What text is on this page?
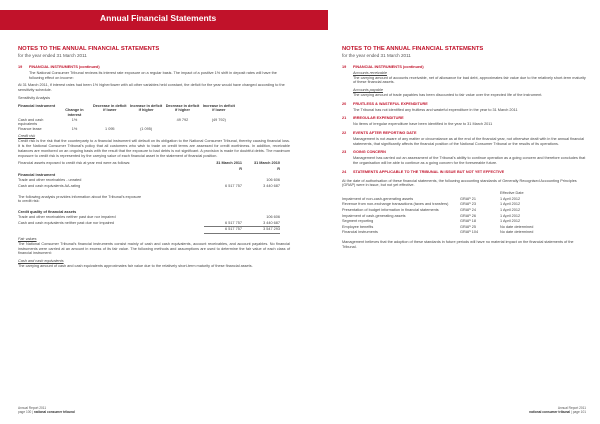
Annual Financial Statements
NOTES TO THE ANNUAL FINANCIAL STATEMENTS
for the year ended 31 March 2011
19	FINANCIAL INSTRUMENTS (continued)

The National Consumer Tribunal reviews its interest rate exposure on a regular basis. The impact of a positive 1% shift in deposit rates will have the following effect on income:

At 31 March 2011, if interest rates had been 1% higher/lower with all other variables held constant, the deficit for the year would have changed according to the sensitivity schedule.

Sensitivity Analysis

Financial instrument	Change in interest	Decrease in deficit if lower	Increase in deficit if higher	Decrease in deficit if higher	Increase in deficit if lower
Cash and cash equivalents	1%			49 792	(49 792)
Finance lease	1%	1 095	(1 095)		
Credit risk

Credit risk is the risk that the counterparty to a financial instrument will default on its obligation to the National Consumer Tribunal, thereby causing financial loss. It is the National Consumer Tribunal's policy that all customers who wish to trade on credit terms are assessed for credit worthiness. In addition, receivable balances are monitored on an ongoing basis with the result that the exposure to bad debts is not significant. A provision is made for doubtful debts. The maximum exposure to credit risk is represented by the carrying value of each financial asset in the statement of financial position.

Financial assets exposed to credit risk at year end were as follows:	31 March 2011	31 March 2010
	R	R
Financial instrument		
Trade and other receivables - unrated		106 606
Cash and cash equivalents AA-rating	6 517 757	3 440 687

The following analysis provides information about the Tribunal's exposure to credit risk:		

Credit quality of financial assets		
Trade and other receivables neither past due nor impaired		106 606
Cash and cash equivalents neither past due nor impaired	6 517 757	3 440 687
	6 517 757	3 547 293
Fair values

The National Consumer Tribunal's financial instruments consist mainly of cash and cash equivalents, account receivables, and account payables. No financial instruments were carried at an amount in excess of its fair value. The following methods and assumptions are used to determine the fair value of each class of financial instrument:

Cash and cash equivalents

The carrying amount of cash and cash equivalents approximates fair value due to the relatively short-term maturity of these financial assets.

NOTES TO THE ANNUAL FINANCIAL STATEMENTS
for the year ended 31 March 2011
19	FINANCIAL INSTRUMENTS (continued)
Accounts receivable

The carrying amount of accounts receivable, net of allowance for bad debt, approximates fair value due to the relatively short-term maturity of these financial assets.

Accounts payable

The carrying amount of trade payables has been discounted to fair value over the expected life of the instrument.

20	FRUITLESS & WASTEFUL EXPENDITURE

The Tribunal has not identified any fruitless and wasteful expenditure in the year to 31 March 2011

21	IRREGULAR EXPENDITURE

No items of irregular expenditure have been identified in the year to 31 March 2011

22	EVENTS AFTER REPORTING DATE

Management is not aware of any matter or circumstance as at the end of the financial year, not otherwise dealt with in the annual financial statements, that significantly affects the financial position of the National Consumer Tribunal or the results of its operations.

23	GOING CONCERN

Management has carried out an assessment of the Tribunal's ability to continue operation as a going concern and therefore concludes that the organisation will be able to continue as a going concern for the foreseeable future.

24	STATEMENTS APPLICABLE TO THE TRIBUNAL IN ISSUE BUT NOT YET EFFECTIVE

At the date of authorisation of these financial statements, the following accounting standards of Generally Recognised Accounting Principles (GRAP) were in issue, but not yet effective.

		Effective Date
Impairment of non-cash-generating assets	GRAP 21	1 April 2012
Revenue from non-exchange transactions (taxes and transfers)	GRAP 23	1 April 2012
Presentation of budget information in financial statements	GRAP 24	1 April 2012
Impairment of cash-generating assets	GRAP 26	1 April 2012
Segment reporting	GRAP 18	1 April 2012
Employee benefits	GRAP 25	No date determined
Financial instruments	GRAP 104	No date determined

Management believes that the adoption of these standards in future periods will have no material impact on the financial statements of the Tribunal.

Annual Report 2011
page 100 | national consumer tribunal
Annual Report 2011
national consumer tribunal | page 101
